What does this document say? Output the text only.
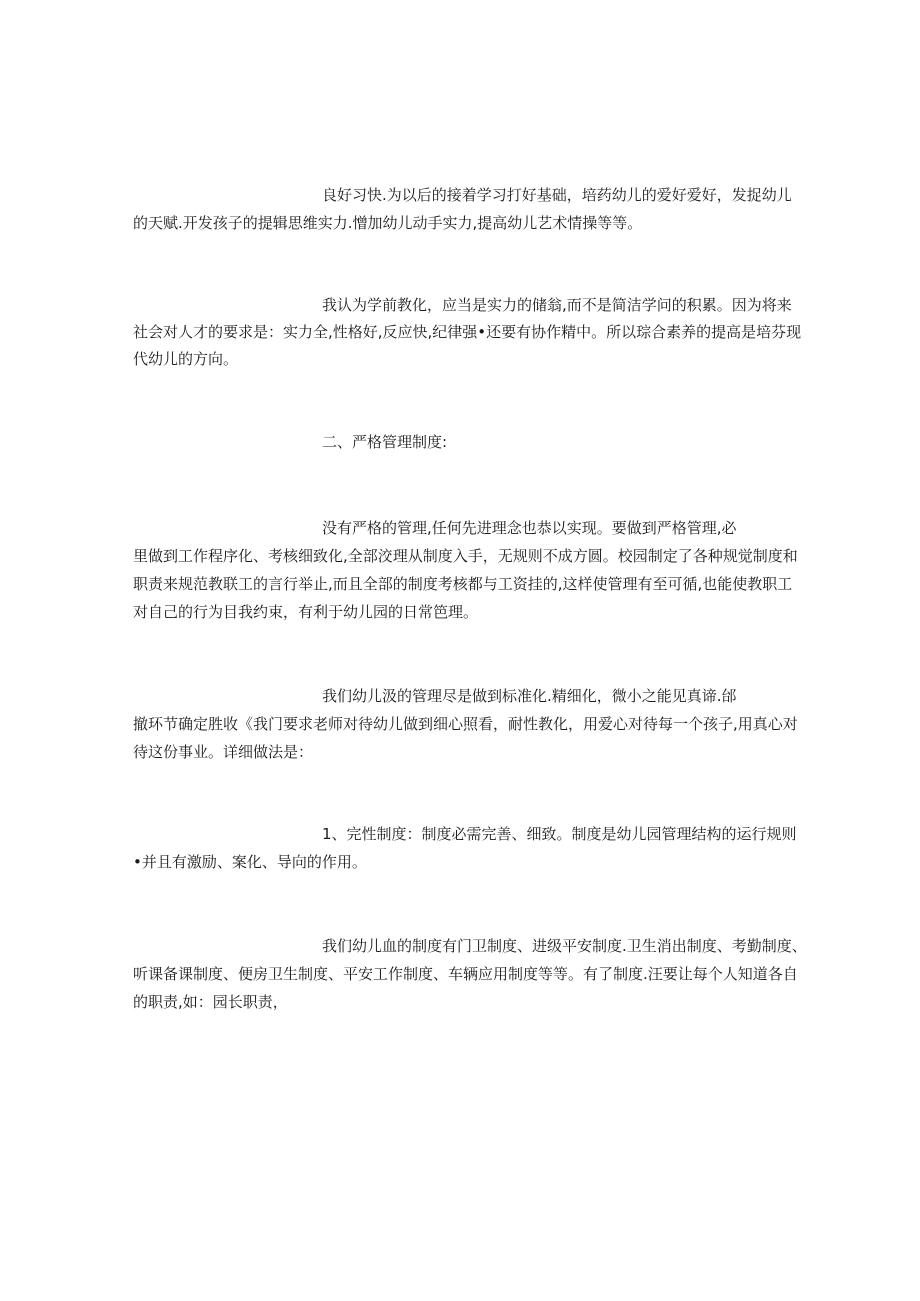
良好习快.为以后的接着学习打好基础，培药幼儿的爱好爱好，发捉幼儿
的天赋.开发孩子的提辑思维实力.憎加幼儿动手实力,提高幼儿艺术情操等等。
我认为学前教化，应当是实力的储翁,而不是简洁学问的积累。因为将来
社会对人才的要求是：实力全,性格好,反应快,纪律强•还要有协作精中。所以琮合素养的提高是培芬现
代幼儿的方向。
二、严格管理制度:
没有严格的管理,任何先进理念也恭以实现。要做到严格管理,必
里做到工作程序化、考核细致化,全部洨理从制度入手，无规则不成方圆。校园制定了各种规觉制度和
职责来规范教联工的言行举止,而且全部的制度考核都与工资挂的,这样使管理有至可循,也能使教职工
对自己的行为目我约束，有利于幼儿园的日常笆理。
我们幼儿汲的管理尽是做到标准化.精细化，微小之能见真谛.邰
撤环节确定胜收《我门要求老师对待幼儿做到细心照看，耐性教化，用爱心对待每一个孩子,用真心对
待这份事业。详细做法是：
1、完性制度：制度必需完善、细致。制度是幼儿园管理结构的运行规则
•并且有激励、案化、导向的作用。
我们幼儿血的制度有门卫制度、进级平安制度.卫生消出制度、考勤制度、
听课备课制度、便房卫生制度、平安工作制度、车辆应用制度等等。有了制度.汪要让每个人知道各自
的职责,如：园长职责，
